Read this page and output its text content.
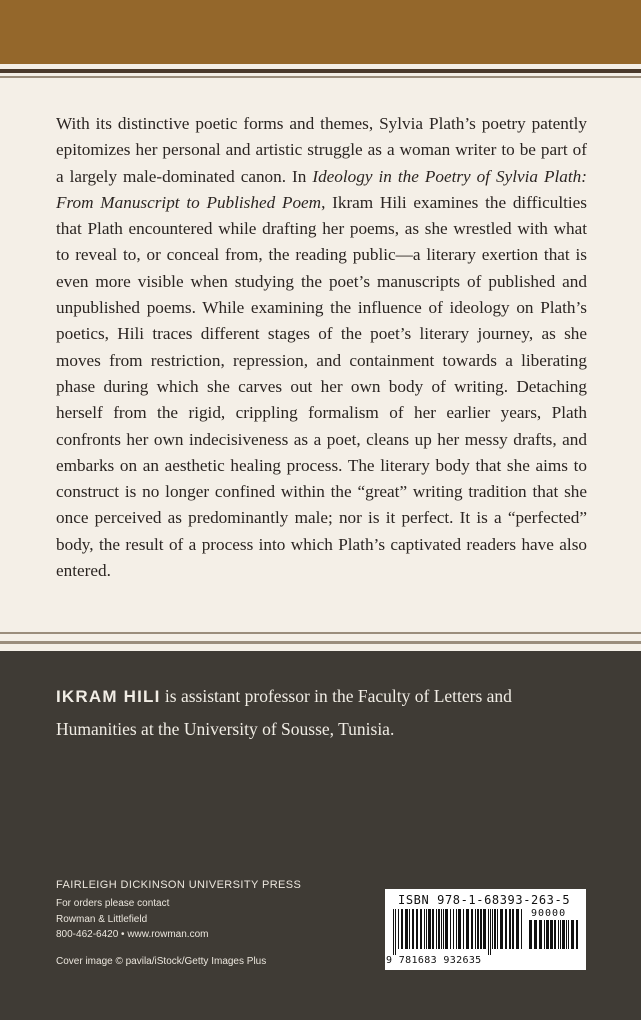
With its distinctive poetic forms and themes, Sylvia Plath’s poetry patently epitomizes her personal and artistic struggle as a woman writer to be part of a largely male-dominated canon. In Ideology in the Poetry of Sylvia Plath: From Manuscript to Published Poem, Ikram Hili examines the difficulties that Plath encountered while drafting her poems, as she wrestled with what to reveal to, or conceal from, the reading public—a literary exertion that is even more visible when studying the poet’s manuscripts of published and unpublished poems. While examining the influence of ideology on Plath’s poetics, Hili traces different stages of the poet’s literary journey, as she moves from restriction, repression, and containment towards a liberating phase during which she carves out her own body of writing. Detaching herself from the rigid, crippling formalism of her earlier years, Plath confronts her own indecisiveness as a poet, cleans up her messy drafts, and embarks on an aesthetic healing process. The literary body that she aims to construct is no longer confined within the “great” writing tradition that she once perceived as predominantly male; nor is it perfect. It is a “perfected” body, the result of a process into which Plath’s captivated readers have also entered.

IKRAM HILI is assistant professor in the Faculty of Letters and Humanities at the University of Sousse, Tunisia.

FAIRLEIGH DICKINSON UNIVERSITY PRESS
For orders please contact
Rowman & Littlefield
800-462-6420 • www.rowman.com
Cover image © pavila/iStock/Getty Images Plus
ISBN 978-1-68393-263-5
9 781683 932635
90000
